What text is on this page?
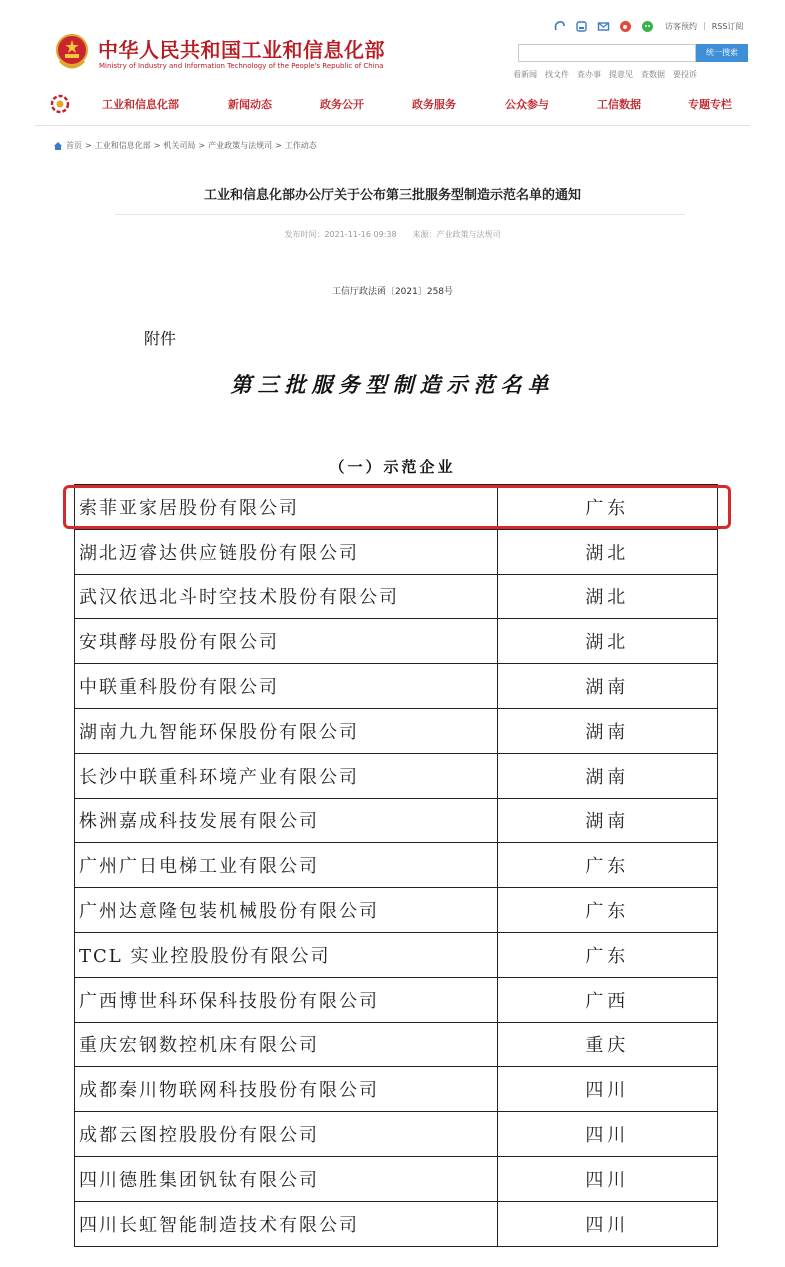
中华人民共和国工业和信息化部
Ministry of Industry and Information Technology of the People's Republic of China
访客预约 | RSS订阅
统一搜索
看新闻 找文件 查办事 提意见 查数据 要投诉
工业和信息化部	新闻动态	政务公开	政务服务	公众参与	工信数据	专题专栏
首页 > 工业和信息化部 > 机关司局 > 产业政策与法规司 > 工作动态
工业和信息化部办公厅关于公布第三批服务型制造示范名单的通知
发布时间：2021-11-16 09:38　　来源：产业政策与法规司
工信厅政法函〔2021〕258号
附件
第三批服务型制造示范名单
（一）示范企业
索菲亚家居股份有限公司	广东
湖北迈睿达供应链股份有限公司	湖北
武汉依迅北斗时空技术股份有限公司	湖北
安琪酵母股份有限公司	湖北
中联重科股份有限公司	湖南
湖南九九智能环保股份有限公司	湖南
长沙中联重科环境产业有限公司	湖南
株洲嘉成科技发展有限公司	湖南
广州广日电梯工业有限公司	广东
广州达意隆包装机械股份有限公司	广东
TCL 实业控股股份有限公司	广东
广西博世科环保科技股份有限公司	广西
重庆宏钢数控机床有限公司	重庆
成都秦川物联网科技股份有限公司	四川
成都云图控股股份有限公司	四川
四川德胜集团钒钛有限公司	四川
四川长虹智能制造技术有限公司	四川
